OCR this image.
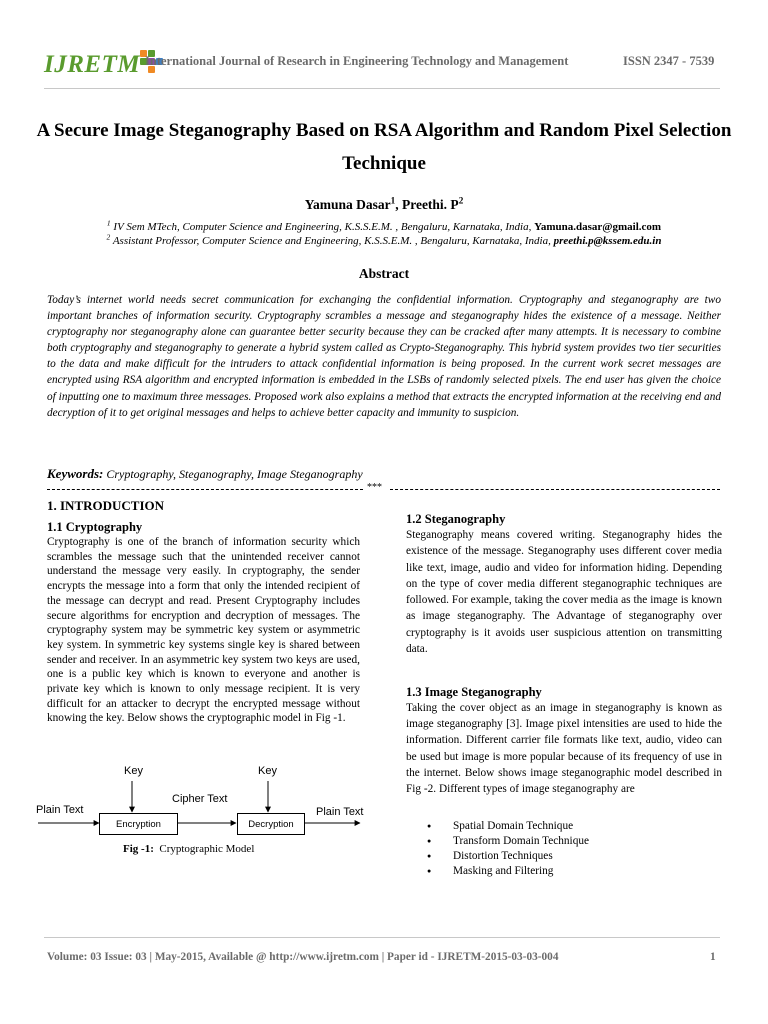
IJRETM International Journal of Research in Engineering Technology and Management	ISSN 2347 - 7539
A Secure Image Steganography Based on RSA Algorithm and Random Pixel Selection Technique
Yamuna Dasar$^1$, Preethi. $P^2$
$^1$ IV Sem MTech, Computer Science and Engineering, K.S.S.E.M. , Bengaluru, Karnataka, India, Yamuna.dasar@gmail.com
$^2$ Assistant Professor, Computer Science and Engineering, K.S.S.E.M. , Bengaluru, Karnataka, India, preethi.p@kssem.edu.in
Abstract
Today’s internet world needs secret communication for exchanging the confidential information. Cryptography and steganography are two important branches of information security. Cryptography scrambles a message and steganography hides the existence of a message. Neither cryptography nor steganography alone can guarantee better security because they can be cracked after many attempts. It is necessary to combine both cryptography and steganography to generate a hybrid system called as Crypto-Steganography. This hybrid system provides two tier securities to the data and make difficult for the intruders to attack confidential information is being proposed. In the current work secret messages are encrypted using RSA algorithm and encrypted information is embedded in the LSBs of randomly selected pixels. The end user has given the choice of inputting one to maximum three messages. Proposed work also explains a method that extracts the encrypted information at the receiving end and decryption of it to get original messages and helps to achieve better capacity and immunity to suspicion.
Keywords: Cryptography, Steganography, Image Steganography
***
1. INTRODUCTION
1.1 Cryptography
Cryptography is one of the branch of information security which scrambles the message such that the unintended receiver cannot understand the message very easily. In cryptography, the sender encrypts the message into a form that only the intended recipient of the message can decrypt and read. Present Cryptography includes secure algorithms for encryption and decryption of messages. The cryptography system may be symmetric key system or asymmetric key system. In symmetric key systems single key is shared between sender and receiver. In an asymmetric key system two keys are used, one is a public key which is known to everyone and another is private key which is known to only message recipient. It is very difficult for an attacker to decrypt the encrypted message without knowing the key. Below shows the cryptographic model in Fig -1.
Key	Key
Cipher Text
Plain Text	Plain Text
Encryption	Decryption
Fig -1:  Cryptographic Model
1.2 Steganography
Steganography means covered writing. Steganography hides the existence of the message. Steganography uses different cover media like text, image, audio and video for information hiding. Depending on the type of cover media different steganographic techniques are followed. For example, taking the cover media as the image is known as image steganography. The Advantage of steganography over cryptography is it avoids user suspicious attention on transmitting data.
1.3 Image Steganography
Taking the cover object as an image in steganography is known as image steganography [3]. Image pixel intensities are used to hide the information. Different carrier file formats like text, audio, video can be used but image is more popular because of its frequency of use in the internet. Below shows image steganographic model described in Fig -2. Different types of image steganography are
● Spatial Domain Technique
● Transform Domain Technique
● Distortion Techniques
● Masking and Filtering
Volume: 03 Issue: 03 | May-2015, Available @ http://www.ijretm.com | Paper id - IJRETM-2015-03-03-004	1
